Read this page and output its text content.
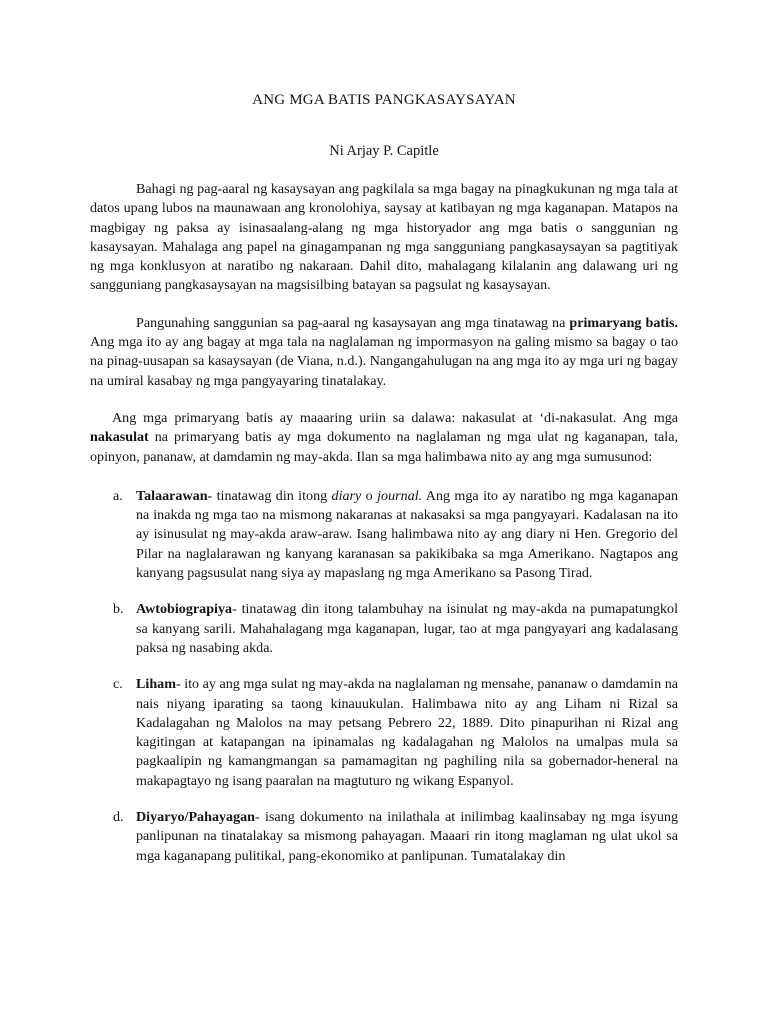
ANG MGA BATIS PANGKASAYSAYAN
Ni Arjay P. Capitle

Bahagi ng pag-aaral ng kasaysayan ang pagkilala sa mga bagay na pinagkukunan ng mga tala at datos upang lubos na maunawaan ang kronolohiya, saysay at katibayan ng mga kaganapan. Matapos na magbigay ng paksa ay isinasaalang-alang ng mga historyador ang mga batis o sanggunian ng kasaysayan. Mahalaga ang papel na ginagampanan ng mga sangguniang pangkasaysayan sa pagtitiyak ng mga konklusyon at naratibo ng nakaraan. Dahil dito, mahalagang kilalanin ang dalawang uri ng sangguniang pangkasaysayan na magsisilbing batayan sa pagsulat ng kasaysayan.

Pangunahing sanggunian sa pag-aaral ng kasaysayan ang mga tinatawag na primaryang batis. Ang mga ito ay ang bagay at mga tala na naglalaman ng impormasyon na galing mismo sa bagay o tao na pinag-uusapan sa kasaysayan (de Viana, n.d.). Nangangahulugan na ang mga ito ay mga uri ng bagay na umiral kasabay ng mga pangyayaring tinatalakay.

Ang mga primaryang batis ay maaaring uriin sa dalawa: nakasulat at ‘di-nakasulat. Ang mga nakasulat na primaryang batis ay mga dokumento na naglalaman ng mga ulat ng kaganapan, tala, opinyon, pananaw, at damdamin ng may-akda. Ilan sa mga halimbawa nito ay ang mga sumusunod:

a. Talaarawan- tinatawag din itong diary o journal. Ang mga ito ay naratibo ng mga kaganapan na inakda ng mga tao na mismong nakaranas at nakasaksi sa mga pangyayari. Kadalasan na ito ay isinusulat ng may-akda araw-araw. Isang halimbawa nito ay ang diary ni Hen. Gregorio del Pilar na naglalarawan ng kanyang karanasan sa pakikibaka sa mga Amerikano. Nagtapos ang kanyang pagsusulat nang siya ay mapaslang ng mga Amerikano sa Pasong Tirad.
b. Awtobiograpiya- tinatawag din itong talambuhay na isinulat ng may-akda na pumapatungkol sa kanyang sarili. Mahahalagang mga kaganapan, lugar, tao at mga pangyayari ang kadalasang paksa ng nasabing akda.
c. Liham- ito ay ang mga sulat ng may-akda na naglalaman ng mensahe, pananaw o damdamin na nais niyang iparating sa taong kinauukulan. Halimbawa nito ay ang Liham ni Rizal sa Kadalagahan ng Malolos na may petsang Pebrero 22, 1889. Dito pinapurihan ni Rizal ang kagitingan at katapangan na ipinamalas ng kadalagahan ng Malolos na umalpas mula sa pagkaalipin ng kamangmangan sa pamamagitan ng paghiling nila sa gobernador-heneral na makapagtayo ng isang paaralan na magtuturo ng wikang Espanyol.
d. Diyaryo/Pahayagan- isang dokumento na inilathala at inilimbag kaalinsabay ng mga isyung panlipunan na tinatalakay sa mismong pahayagan. Maaari rin itong maglaman ng ulat ukol sa mga kaganapang pulitikal, pang-ekonomiko at panlipunan. Tumatalakay din
